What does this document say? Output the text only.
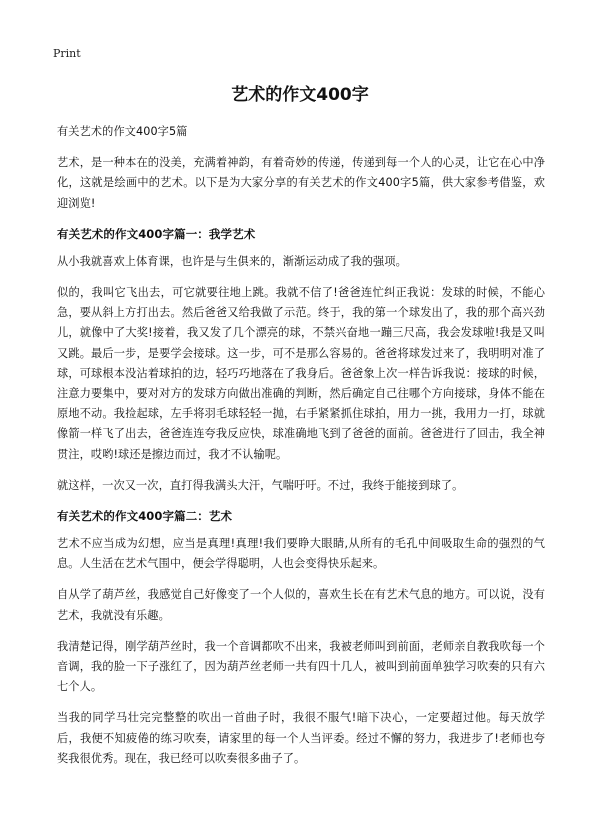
Print
艺术的作文400字

有关艺术的作文400字5篇

艺术，是一种本在的没美，充满着神韵，有着奇妙的传递，传递到每一个人的心灵，让它在心中净化，这就是绘画中的艺术。以下是为大家分享的有关艺术的作文400字5篇，供大家参考借鉴，欢迎浏览!

有关艺术的作文400字篇一：我学艺术

从小我就喜欢上体育课，也许是与生俱来的，渐渐运动成了我的强项。

似的，我叫它飞出去，可它就要往地上跳。我就不信了!爸爸连忙纠正我说：发球的时候，不能心急，要从斜上方打出去。然后爸爸又给我做了示范。终于，我的第一个球发出了，我的那个高兴劲儿，就像中了大奖!接着，我又发了几个漂亮的球，不禁兴奋地一蹦三尺高，我会发球啦!我是又叫又跳。最后一步，是要学会接球。这一步，可不是那么容易的。爸爸将球发过来了，我明明对准了球，可球根本没沾着球拍的边，轻巧巧地落在了我身后。爸爸象上次一样告诉我说：接球的时候，注意力要集中，要对对方的发球方向做出准确的判断，然后确定自己往哪个方向接球，身体不能在原地不动。我捡起球，左手将羽毛球轻轻一抛，右手紧紧抓住球拍，用力一挑，我用力一打，球就像箭一样飞了出去，爸爸连连夸我反应快，球准确地飞到了爸爸的面前。爸爸进行了回击，我全神贯注，哎哟!球还是擦边而过，我才不认输呢。

就这样，一次又一次，直打得我满头大汗，气喘吁吁。不过，我终于能接到球了。

有关艺术的作文400字篇二：艺术

艺术不应当成为幻想，应当是真理!真理!我们要睁大眼睛,从所有的毛孔中间吸取生命的强烈的气息。人生活在艺术气围中，便会学得聪明，人也会变得快乐起来。

自从学了葫芦丝，我感觉自己好像变了一个人似的，喜欢生长在有艺术气息的地方。可以说，没有艺术，我就没有乐趣。

我清楚记得，刚学葫芦丝时，我一个音调都吹不出来，我被老师叫到前面，老师亲自教我吹每一个音调，我的脸一下子涨红了，因为葫芦丝老师一共有四十几人，被叫到前面单独学习吹奏的只有六七个人。

当我的同学马壮完完整整的吹出一首曲子时，我很不服气!暗下决心，一定要超过他。每天放学后，我便不知疲倦的练习吹奏，请家里的每一个人当评委。经过不懈的努力，我进步了!老师也夸奖我很优秀。现在，我已经可以吹奏很多曲子了。
